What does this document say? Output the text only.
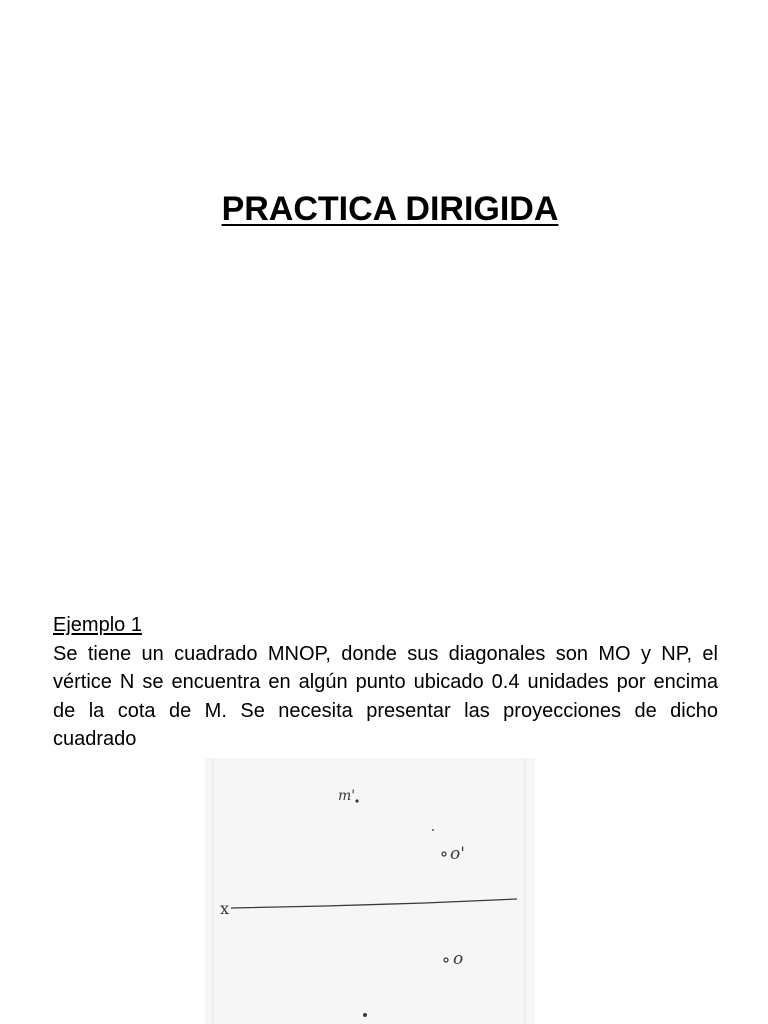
PRACTICA DIRIGIDA
Ejemplo 1

Se tiene un cuadrado MNOP, donde sus diagonales son MO y NP, el vértice N se encuentra en algún punto ubicado 0.4 unidades por encima de la cota de M. Se necesita presentar las proyecciones de dicho cuadrado

m'
o'
x
o
